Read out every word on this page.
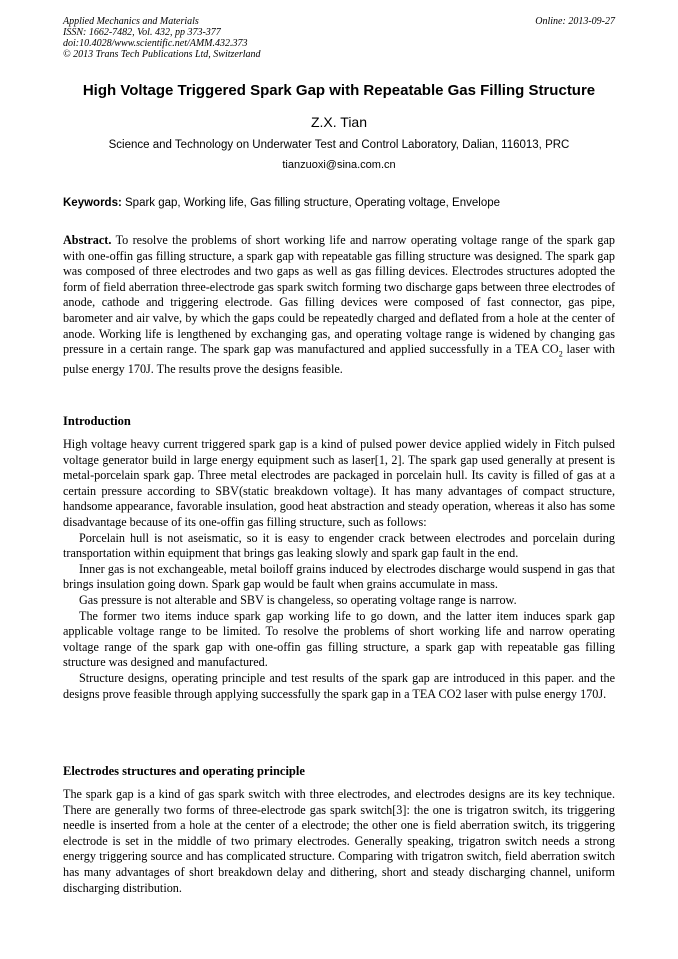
Applied Mechanics and Materials
ISSN: 1662-7482, Vol. 432, pp 373-377
doi:10.4028/www.scientific.net/AMM.432.373
© 2013 Trans Tech Publications Ltd, Switzerland
Online: 2013-09-27
High Voltage Triggered Spark Gap with Repeatable Gas Filling Structure
Z.X. Tian
Science and Technology on Underwater Test and Control Laboratory, Dalian, 116013, PRC
tianzuoxi@sina.com.cn
Keywords: Spark gap, Working life, Gas filling structure, Operating voltage, Envelope
Abstract. To resolve the problems of short working life and narrow operating voltage range of the spark gap with one-offin gas filling structure, a spark gap with repeatable gas filling structure was designed. The spark gap was composed of three electrodes and two gaps as well as gas filling devices. Electrodes structures adopted the form of field aberration three-electrode gas spark switch forming two discharge gaps between three electrodes of anode, cathode and triggering electrode. Gas filling devices were composed of fast connector, gas pipe, barometer and air valve, by which the gaps could be repeatedly charged and deflated from a hole at the center of anode. Working life is lengthened by exchanging gas, and operating voltage range is widened by changing gas pressure in a certain range. The spark gap was manufactured and applied successfully in a TEA $CO_2$ laser with pulse energy 170J. The results prove the designs feasible.
Introduction

High voltage heavy current triggered spark gap is a kind of pulsed power device applied widely in Fitch pulsed voltage generator build in large energy equipment such as laser[1, 2]. The spark gap used generally at present is metal-porcelain spark gap. Three metal electrodes are packaged in porcelain hull. Its cavity is filled of gas at a certain pressure according to SBV(static breakdown voltage). It has many advantages of compact structure, handsome appearance, favorable insulation, good heat abstraction and steady operation, whereas it also has some disadvantage because of its one-offin gas filling structure, such as follows:

Porcelain hull is not aseismatic, so it is easy to engender crack between electrodes and porcelain during transportation within equipment that brings gas leaking slowly and spark gap fault in the end.

Inner gas is not exchangeable, metal boiloff grains induced by electrodes discharge would suspend in gas that brings insulation going down. Spark gap would be fault when grains accumulate in mass.

Gas pressure is not alterable and SBV is changeless, so operating voltage range is narrow.

The former two items induce spark gap working life to go down, and the latter item induces spark gap applicable voltage range to be limited. To resolve the problems of short working life and narrow operating voltage range of the spark gap with one-offin gas filling structure, a spark gap with repeatable gas filling structure was designed and manufactured.

Structure designs, operating principle and test results of the spark gap are introduced in this paper. and the designs prove feasible through applying successfully the spark gap in a TEA CO2 laser with pulse energy 170J.

Electrodes structures and operating principle

The spark gap is a kind of gas spark switch with three electrodes, and electrodes designs are its key technique. There are generally two forms of three-electrode gas spark switch[3]: the one is trigatron switch, its triggering needle is inserted from a hole at the center of a electrode; the other one is field aberration switch, its triggering electrode is set in the middle of two primary electrodes. Generally speaking, trigatron switch needs a strong energy triggering source and has complicated structure. Comparing with trigatron switch, field aberration switch has many advantages of short breakdown delay and dithering, short and steady discharging channel, uniform discharging distribution.
